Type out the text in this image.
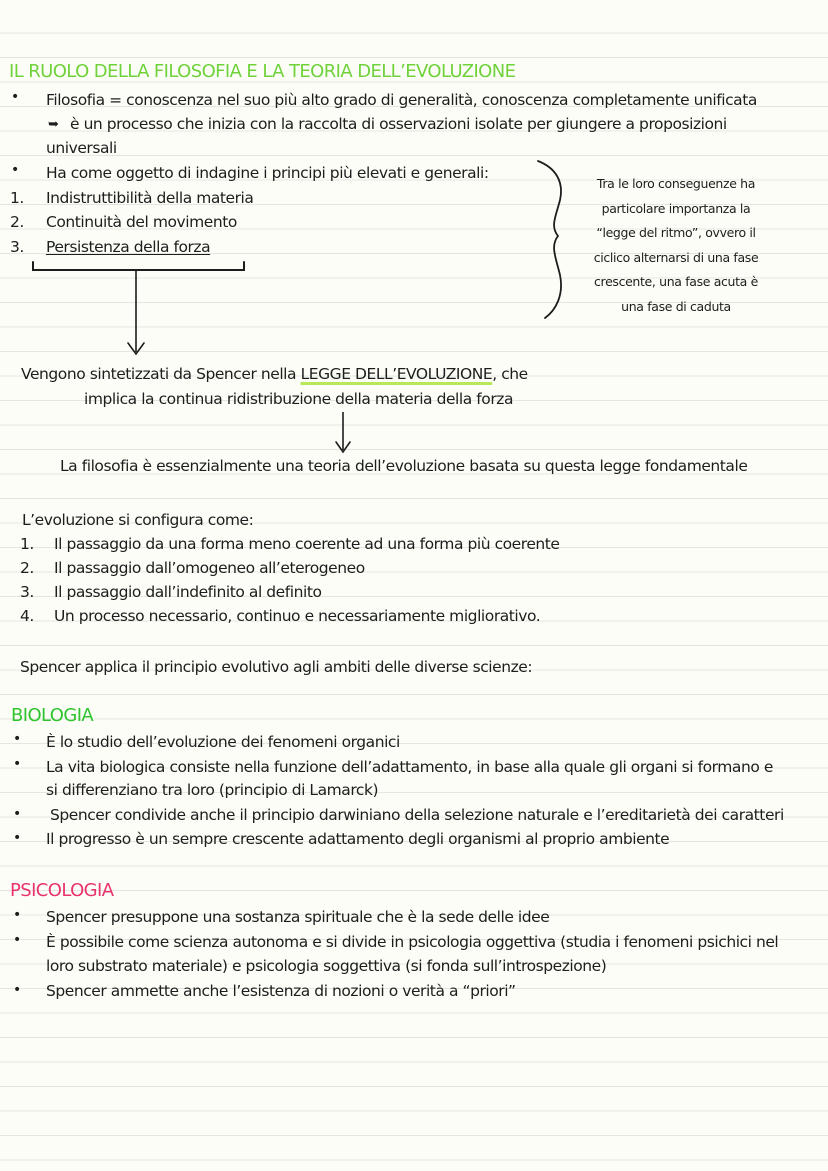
IL RUOLO DELLA FILOSOFIA E LA TEORIA DELL’EVOLUZIONE
• Filosofia = conoscenza nel suo più alto grado di generalità, conoscenza completamente unificata
➥ è un processo che inizia con la raccolta di osservazioni isolate per giungere a proposizioni
universali
• Ha come oggetto di indagine i principi più elevati e generali:
1. Indistruttibilità della materia
2. Continuità del movimento
3. Persistenza della forza
Tra le loro conseguenze ha
particolare importanza la
“legge del ritmo”, ovvero il
ciclico alternarsi di una fase
crescente, una fase acuta è
una fase di caduta
Vengono sintetizzati da Spencer nella LEGGE DELL’EVOLUZIONE, che
implica la continua ridistribuzione della materia della forza
La filosofia è essenzialmente una teoria dell’evoluzione basata su questa legge fondamentale
L’evoluzione si configura come:
1. Il passaggio da una forma meno coerente ad una forma più coerente
2. Il passaggio dall’omogeneo all’eterogeneo
3. Il passaggio dall’indefinito al definito
4. Un processo necessario, continuo e necessariamente migliorativo.
Spencer applica il principio evolutivo agli ambiti delle diverse scienze:
BIOLOGIA
• È lo studio dell’evoluzione dei fenomeni organici
• La vita biologica consiste nella funzione dell’adattamento, in base alla quale gli organi si formano e
si differenziano tra loro (principio di Lamarck)
• Spencer condivide anche il principio darwiniano della selezione naturale e l’ereditarietà dei caratteri
• Il progresso è un sempre crescente adattamento degli organismi al proprio ambiente
PSICOLOGIA
• Spencer presuppone una sostanza spirituale che è la sede delle idee
• È possibile come scienza autonoma e si divide in psicologia oggettiva (studia i fenomeni psichici nel
loro substrato materiale) e psicologia soggettiva (si fonda sull’introspezione)
• Spencer ammette anche l’esistenza di nozioni o verità a “priori”
